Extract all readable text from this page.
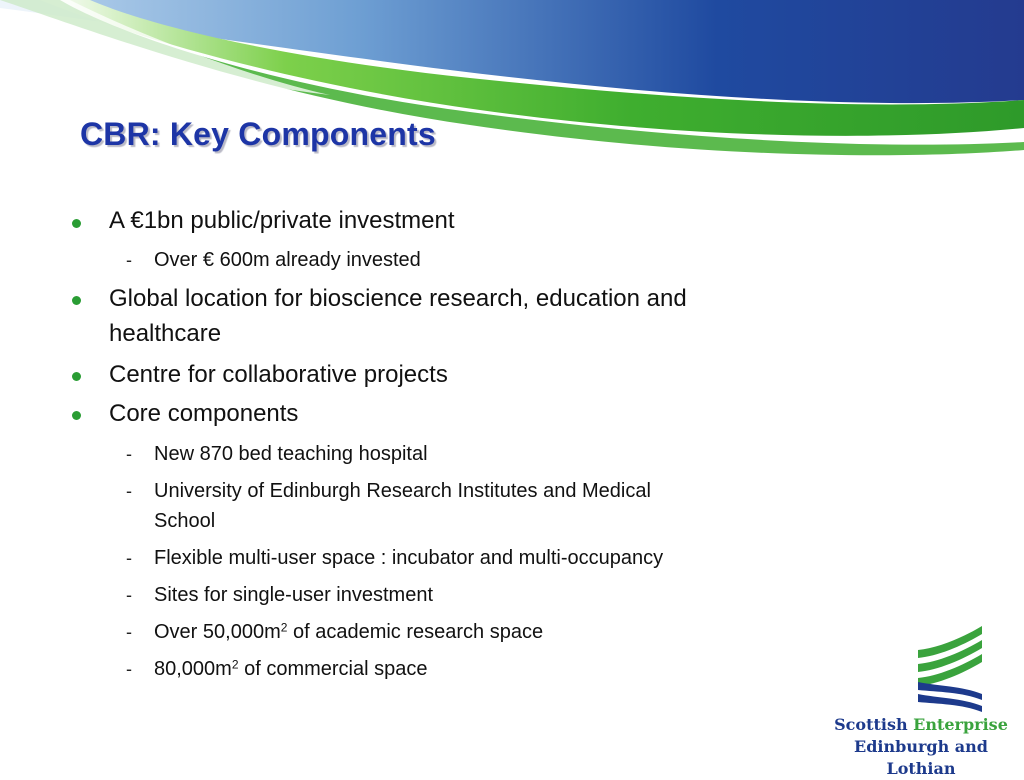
CBR: Key Components
A €1bn public/private investment
- Over € 600m already invested
Global location for bioscience research, education and
healthcare
Centre for collaborative projects
Core components
- New 870 bed teaching hospital
- University of Edinburgh Research Institutes and Medical
School
- Flexible multi-user space : incubator and multi-occupancy
- Sites for single-user investment
- Over $50,000m^2$ of academic research space
- $80,000m^2$ of commercial space
Scottish Enterprise
Edinburgh and Lothian
